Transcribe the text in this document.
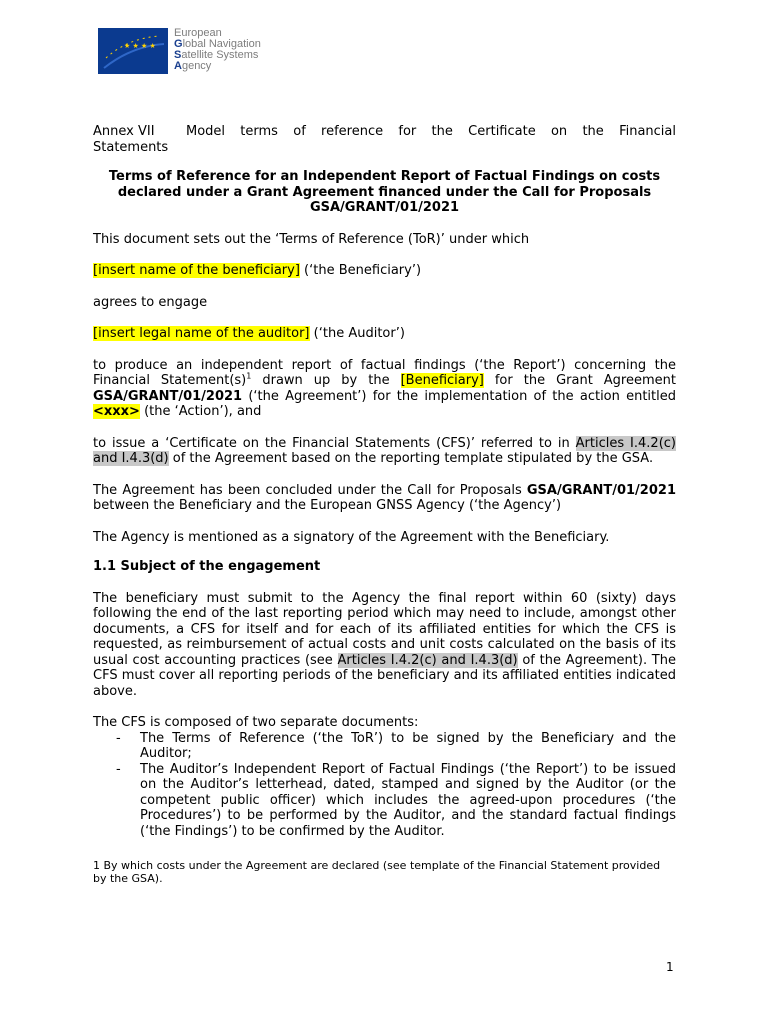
★ ★ ★ ★
European
Global Navigation
Satellite Systems
Agency
Annex VII	Model terms of reference for the Certificate on the Financial
Statements
Terms of Reference for an Independent Report of Factual Findings on costs declared under a Grant Agreement financed under the Call for Proposals GSA/GRANT/01/2021

This document sets out the ‘Terms of Reference (ToR)’ under which

[insert name of the beneficiary] (‘the Beneficiary’)

agrees to engage

[insert legal name of the auditor] (‘the Auditor’)

to produce an independent report of factual findings (‘the Report’) concerning the Financial $Statement(s)^1$ drawn up by the [Beneficiary] for the Grant Agreement GSA/GRANT/01/2021 (‘the Agreement’) for the implementation of the action entitled <xxx> (the ‘Action’), and

to issue a ‘Certificate on the Financial Statements (CFS)’ referred to in Articles I.4.2(c) and I.4.3(d) of the Agreement based on the reporting template stipulated by the GSA.

The Agreement has been concluded under the Call for Proposals GSA/GRANT/01/2021 between the Beneficiary and the European GNSS Agency (‘the Agency’)

The Agency is mentioned as a signatory of the Agreement with the Beneficiary.

1.1 Subject of the engagement

The beneficiary must submit to the Agency the final report within 60 (sixty) days following the end of the last reporting period which may need to include, amongst other documents, a CFS for itself and for each of its affiliated entities for which the CFS is requested, as reimbursement of actual costs and unit costs calculated on the basis of its usual cost accounting practices (see Articles I.4.2(c) and I.4.3(d) of the Agreement). The CFS must cover all reporting periods of the beneficiary and its affiliated entities indicated above.

The CFS is composed of two separate documents:

- The Terms of Reference (‘the ToR’) to be signed by the Beneficiary and the Auditor;
- The Auditor’s Independent Report of Factual Findings (‘the Report’) to be issued on the Auditor’s letterhead, dated, stamped and signed by the Auditor (or the competent public officer) which includes the agreed-upon procedures (‘the Procedures’) to be performed by the Auditor, and the standard factual findings (‘the Findings’) to be confirmed by the Auditor.

1 By which costs under the Agreement are declared (see template of the Financial Statement provided by the GSA).

1
